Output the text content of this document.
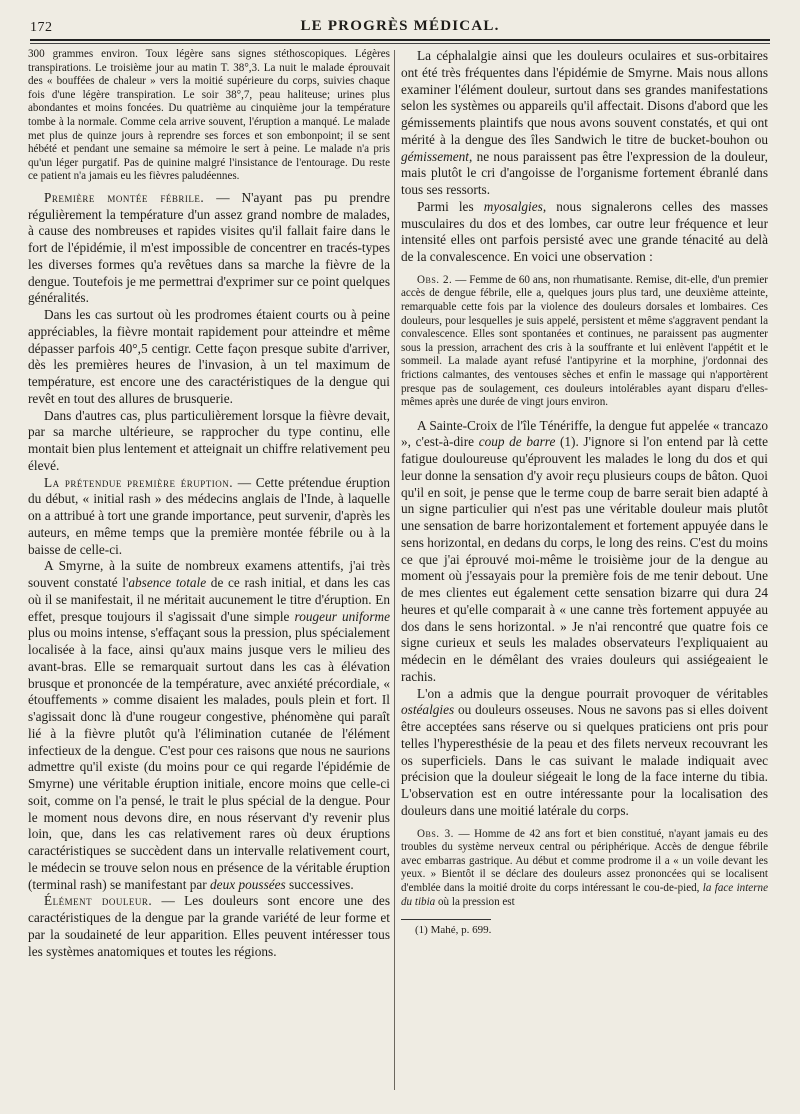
172	LE PROGRÈS MÉDICAL.

300 grammes environ. Toux légère sans signes stéthoscopiques. Légères transpirations. Le troisième jour au matin T. 38°,3. La nuit le malade éprouvait des « bouffées de chaleur » vers la moitié supérieure du corps, suivies chaque fois d'une légère transpiration. Le soir 38°,7, peau haliteuse; urines plus abondantes et moins foncées. Du quatrième au cinquième jour la température tombe à la normale. Comme cela arrive souvent, l'éruption a manqué. Le malade met plus de quinze jours à reprendre ses forces et son embonpoint; il se sent hébété et pendant une semaine sa mémoire le sert à peine. Le malade n'a pris qu'un léger purgatif. Pas de quinine malgré l'insistance de l'entourage. Du reste ce patient n'a jamais eu les fièvres paludéennes.

Première montée fébrile. — N'ayant pas pu prendre régulièrement la température d'un assez grand nombre de malades, à cause des nombreuses et rapides visites qu'il fallait faire dans le fort de l'épidémie, il m'est impossible de concentrer en tracés-types les diverses formes qu'a revêtues dans sa marche la fièvre de la dengue. Toutefois je me permettrai d'exprimer sur ce point quelques généralités.

Dans les cas surtout où les prodromes étaient courts ou à peine appréciables, la fièvre montait rapidement pour atteindre et même dépasser parfois 40°,5 centigr. Cette façon presque subite d'arriver, dès les premières heures de l'invasion, à un tel maximum de température, est encore une des caractéristiques de la dengue qui revêt en tout des allures de brusquerie.

Dans d'autres cas, plus particulièrement lorsque la fièvre devait, par sa marche ultérieure, se rapprocher du type continu, elle montait bien plus lentement et atteignait un chiffre relativement peu élevé.

La prétendue première éruption. — Cette prétendue éruption du début, « initial rash » des médecins anglais de l'Inde, à laquelle on a attribué à tort une grande importance, peut survenir, d'après les auteurs, en même temps que la première montée fébrile ou à la baisse de celle-ci.

A Smyrne, à la suite de nombreux examens attentifs, j'ai très souvent constaté l'absence totale de ce rash initial, et dans les cas où il se manifestait, il ne méritait aucunement le titre d'éruption. En effet, presque toujours il s'agissait d'une simple rougeur uniforme plus ou moins intense, s'effaçant sous la pression, plus spécialement localisée à la face, ainsi qu'aux mains jusque vers le milieu des avant-bras. Elle se remarquait surtout dans les cas à élévation brusque et prononcée de la température, avec anxiété précordiale, « étouffements » comme disaient les malades, pouls plein et fort. Il s'agissait donc là d'une rougeur congestive, phénomène qui paraît lié à la fièvre plutôt qu'à l'élimination cutanée de l'élément infectieux de la dengue. C'est pour ces raisons que nous ne saurions admettre qu'il existe (du moins pour ce qui regarde l'épidémie de Smyrne) une véritable éruption initiale, encore moins que celle-ci soit, comme on l'a pensé, le trait le plus spécial de la dengue. Pour le moment nous devons dire, en nous réservant d'y revenir plus loin, que, dans les cas relativement rares où deux éruptions caractéristiques se succèdent dans un intervalle relativement court, le médecin se trouve selon nous en présence de la véritable éruption (terminal rash) se manifestant par deux poussées successives.

Élément douleur. — Les douleurs sont encore une des caractéristiques de la dengue par la grande variété de leur forme et par la soudaineté de leur apparition. Elles peuvent intéresser tous les systèmes anatomiques et toutes les régions.

La céphalalgie ainsi que les douleurs oculaires et sus-orbitaires ont été très fréquentes dans l'épidémie de Smyrne. Mais nous allons examiner l'élément douleur, surtout dans ses grandes manifestations selon les systèmes ou appareils qu'il affectait. Disons d'abord que les gémissements plaintifs que nous avons souvent constatés, et qui ont mérité à la dengue des îles Sandwich le titre de bucket-bouhon ou gémissement, ne nous paraissent pas être l'expression de la douleur, mais plutôt le cri d'angoisse de l'organisme fortement ébranlé dans tous ses ressorts.

Parmi les myosalgies, nous signalerons celles des masses musculaires du dos et des lombes, car outre leur fréquence et leur intensité elles ont parfois persisté avec une grande ténacité au delà de la convalescence. En voici une observation :

Obs. 2. — Femme de 60 ans, non rhumatisante. Remise, dit-elle, d'un premier accès de dengue fébrile, elle a, quelques jours plus tard, une deuxième atteinte, remarquable cette fois par la violence des douleurs dorsales et lombaires. Ces douleurs, pour lesquelles je suis appelé, persistent et même s'aggravent pendant la convalescence. Elles sont spontanées et continues, ne paraissent pas augmenter sous la pression, arrachent des cris à la souffrante et lui enlèvent l'appétit et le sommeil. La malade ayant refusé l'antipyrine et la morphine, j'ordonnai des frictions calmantes, des ventouses sèches et enfin le massage qui n'apportèrent presque pas de soulagement, ces douleurs intolérables ayant disparu d'elles-mêmes après une durée de vingt jours environ.

A Sainte-Croix de l'île Ténériffe, la dengue fut appelée « trancazo », c'est-à-dire coup de barre (1). J'ignore si l'on entend par là cette fatigue douloureuse qu'éprouvent les malades le long du dos et qui leur donne la sensation d'y avoir reçu plusieurs coups de bâton. Quoi qu'il en soit, je pense que le terme coup de barre serait bien adapté à un signe particulier qui n'est pas une véritable douleur mais plutôt une sensation de barre horizontalement et fortement appuyée dans le sens horizontal, en dedans du corps, le long des reins. C'est du moins ce que j'ai éprouvé moi-même le troisième jour de la dengue au moment où j'essayais pour la première fois de me tenir debout. Une de mes clientes eut également cette sensation bizarre qui dura 24 heures et qu'elle comparait à « une canne très fortement appuyée au dos dans le sens horizontal. » Je n'ai rencontré que quatre fois ce signe curieux et seuls les malades observateurs l'expliquaient au médecin en le démêlant des vraies douleurs qui assiégeaient le rachis.

L'on a admis que la dengue pourrait provoquer de véritables ostéalgies ou douleurs osseuses. Nous ne savons pas si elles doivent être acceptées sans réserve ou si quelques praticiens ont pris pour telles l'hyperesthésie de la peau et des filets nerveux recouvrant les os superficiels. Dans le cas suivant le malade indiquait avec précision que la douleur siégeait le long de la face interne du tibia. L'observation est en outre intéressante pour la localisation des douleurs dans une moitié latérale du corps.

Obs. 3. — Homme de 42 ans fort et bien constitué, n'ayant jamais eu des troubles du système nerveux central ou périphérique. Accès de dengue fébrile avec embarras gastrique. Au début et comme prodrome il a « un voile devant les yeux. » Bientôt il se déclare des douleurs assez prononcées qui se localisent d'emblée dans la moitié droite du corps intéressant le cou-de-pied, la face interne du tibia où la pression est

(1) Mahé, p. 699.
